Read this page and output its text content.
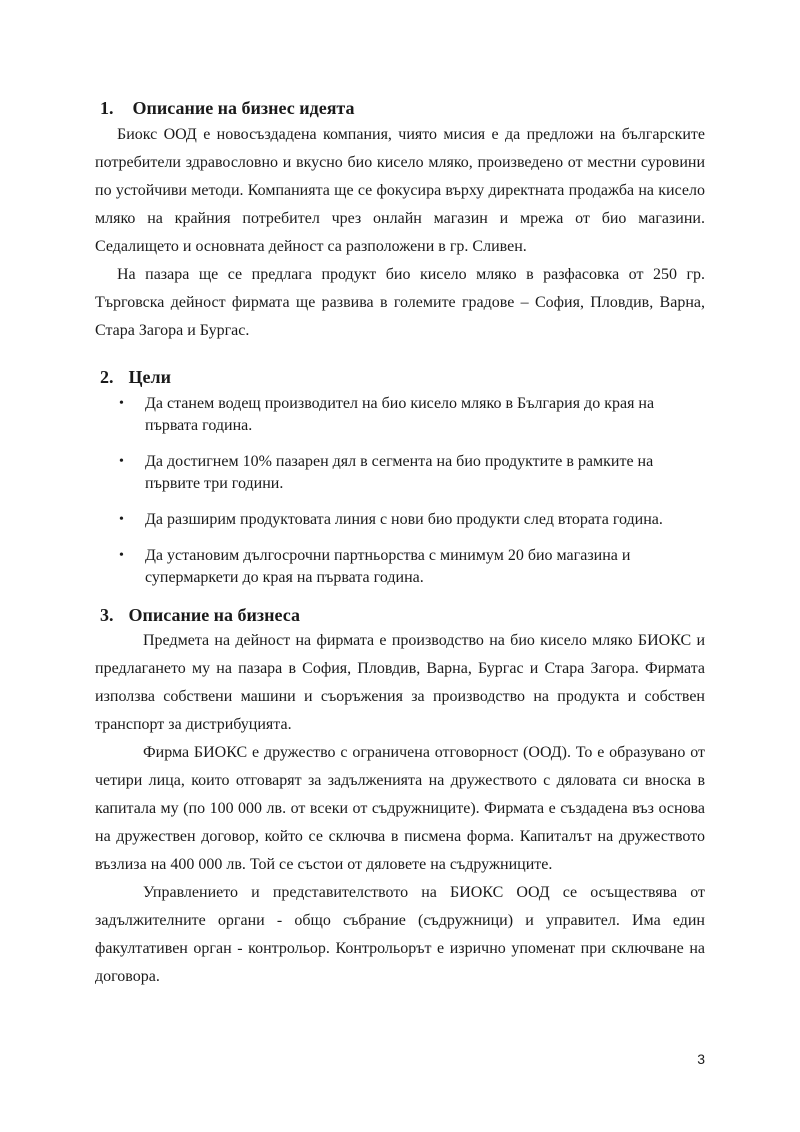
1. Описание на бизнес идеята

Биокс ООД е новосъздадена компания, чиято мисия е да предложи на българските потребители здравословно и вкусно био кисело мляко, произведено от местни суровини по устойчиви методи. Компанията ще се фокусира върху директната продажба на кисело мляко на крайния потребител чрез онлайн магазин и мрежа от био магазини. Седалището и основната дейност са разположени в гр. Сливен.

На пазара ще се предлага продукт био кисело мляко в разфасовка от 250 гр. Търговска дейност фирмата ще развива в големите градове – София, Пловдив, Варна, Стара Загора и Бургас.

2. Цели
• Да станем водещ производител на био кисело мляко в България до края на първата година.
• Да достигнем 10% пазарен дял в сегмента на био продуктите в рамките на първите три години.
• Да разширим продуктовата линия с нови био продукти след втората година.
• Да установим дългосрочни партньорства с минимум 20 био магазина и супермаркети до края на първата година.
3. Описание на бизнеса

Предмета на дейност на фирмата е производство на био кисело мляко БИОКС и предлагането му на пазара в София, Пловдив, Варна, Бургас и Стара Загора. Фирмата използва собствени машини и съоръжения за производство на продукта и собствен транспорт за дистрибуцията.

Фирма БИОКС е дружество с ограничена отговорност (ООД). То е образувано от четири лица, които отговарят за задълженията на дружеството с дяловата си вноска в капитала му (по 100 000 лв. от всеки от съдружниците). Фирмата е създадена въз основа на дружествен договор, който се сключва в писмена форма. Капиталът на дружеството възлиза на 400 000 лв. Той се състои от дяловете на съдружниците.

Управлението и представителството на БИОКС ООД се осъществява от задължителните органи - общо събрание (съдружници) и управител. Има един факултативен орган - контрольор. Контрольорът е изрично упоменат при сключване на договора.

3
